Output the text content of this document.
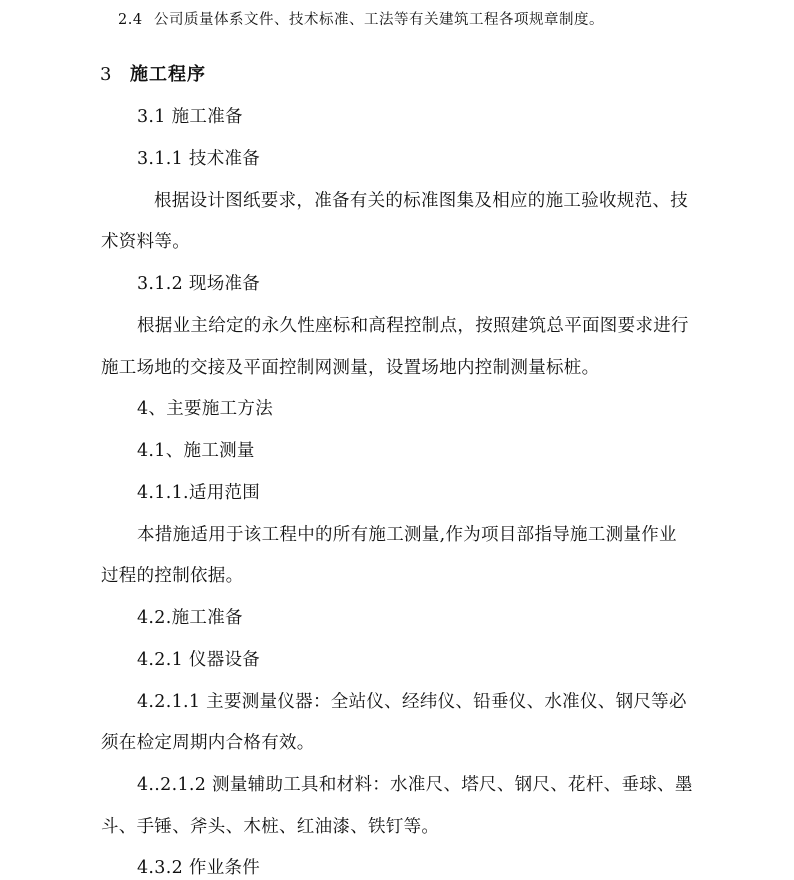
2.4 公司质量体系文件、技术标准、工法等有关建筑工程各项规章制度。
3 施工程序
3.1 施工准备
3.1.1 技术准备
根据设计图纸要求，准备有关的标准图集及相应的施工验收规范、技
术资料等。
3.1.2 现场准备
根据业主给定的永久性座标和高程控制点，按照建筑总平面图要求进行
施工场地的交接及平面控制网测量，设置场地内控制测量标桩。
4、主要施工方法
4.1、施工测量
4.1.1.适用范围
本措施适用于该工程中的所有施工测量,作为项目部指导施工测量作业
过程的控制依据。
4.2.施工准备
4.2.1 仪器设备
4.2.1.1 主要测量仪器：全站仪、经纬仪、铅垂仪、水准仪、钢尺等必
须在检定周期内合格有效。
4..2.1.2 测量辅助工具和材料：水准尺、塔尺、钢尺、花杆、垂球、墨
斗、手锤、斧头、木桩、红油漆、铁钉等。
4.3.2 作业条件
